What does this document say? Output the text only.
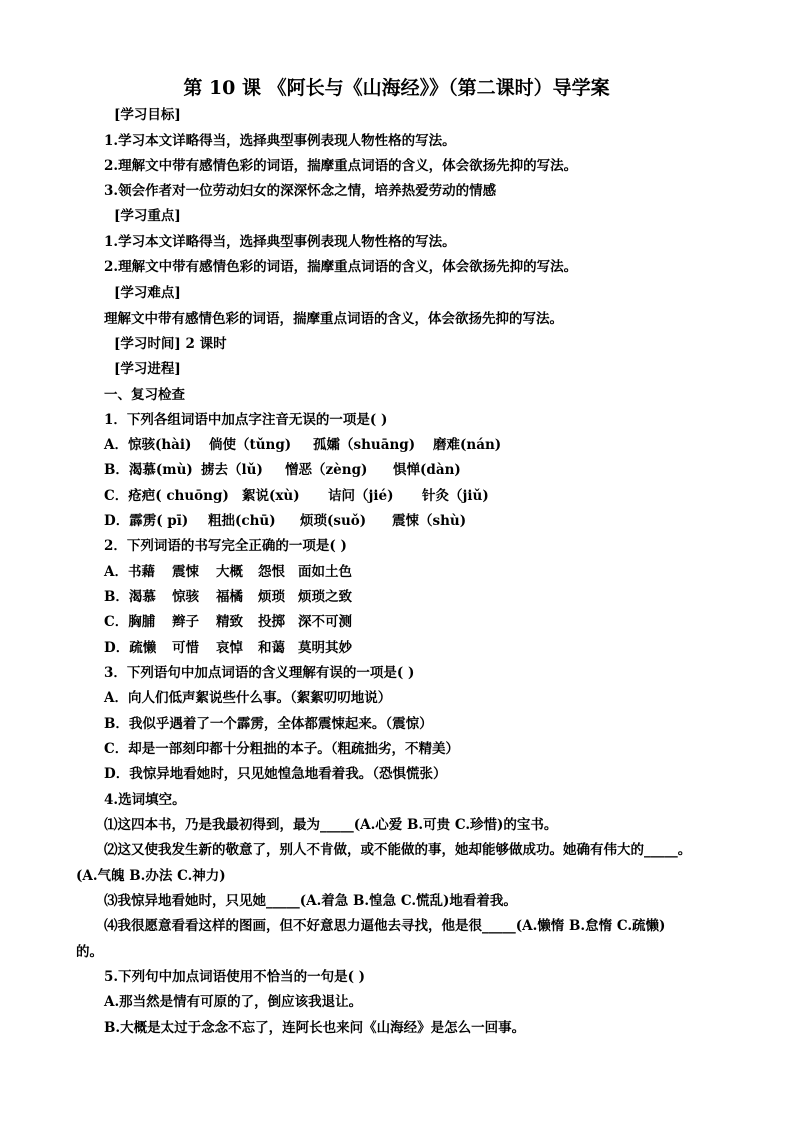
第 10 课 《阿长与《山海经》》（第二课时）导学案
[学习目标]
1.学习本文详略得当，选择典型事例表现人物性格的写法。
2.理解文中带有感情色彩的词语，揣摩重点词语的含义，体会欲扬先抑的写法。
3.领会作者对一位劳动妇女的深深怀念之情，培养热爱劳动的情感
[学习重点]
1.学习本文详略得当，选择典型事例表现人物性格的写法。
2.理解文中带有感情色彩的词语，揣摩重点词语的含义，体会欲扬先抑的写法。
[学习难点]
理解文中带有感情色彩的词语，揣摩重点词语的含义，体会欲扬先抑的写法。
[学习时间] 2 课时
[学习进程]
一、复习检查
1．下列各组词语中加点字注音无误的一项是( )
A．惊骇(hài) 倘使（tǔng) 孤孀（shuāng) 磨难(nán)
B．渴慕(mù) 掳去（lǔ) 憎恶（zèng) 惧惮(dàn)
C．疮疤( chuōng) 絮说(xù) 诘问（jié) 针灸（jiǔ)
D．霹雳( pī) 粗拙(chū) 烦琐(suǒ) 震悚（shù)
2．下列词语的书写完全正确的一项是( )
A．书藉 震悚 大概 怨恨 面如土色
B．渴慕 惊骇 福橘 烦琐 烦琐之致
C．胸脯 辫子 精致 投掷 深不可测
D．疏懒 可惜 哀悼 和蔼 莫明其妙
3．下列语句中加点词语的含义理解有误的一项是( )
A．向人们低声絮说些什么事。（絮絮叨叨地说）
B．我似乎遇着了一个霹雳，全体都震悚起来。（震惊）
C．却是一部刻印都十分粗拙的本子。（粗疏拙劣，不精美）
D．我惊异地看她时，只见她惶急地看着我。（恐惧慌张）
4.选词填空。
⑴这四本书，乃是我最初得到，最为_____(A.心爱 B.可贵 C.珍惜)的宝书。
⑵这又使我发生新的敬意了，别人不肯做，或不能做的事，她却能够做成功。她确有伟大的_____。
(A.气魄 B.办法 C.神力)
⑶我惊异地看她时，只见她_____(A.着急 B.惶急 C.慌乱)地看着我。
⑷我很愿意看看这样的图画，但不好意思力逼他去寻找，他是很_____(A.懒惰 B.怠惰 C.疏懒)
的。
5.下列句中加点词语使用不恰当的一句是( )
A.那当然是情有可原的了，倒应该我退让。
B.大概是太过于念念不忘了，连阿长也来问《山海经》是怎么一回事。
